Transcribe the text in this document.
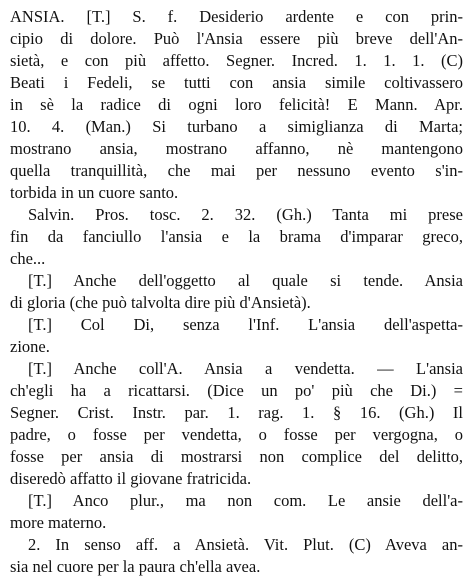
ANSIA. [T.] S. f. Desiderio ardente e con prin-
cipio di dolore. Può l'Ansia essere più breve dell'An-
sietà, e con più affetto. Segner. Incred. 1. 1. 1. (C)
Beati i Fedeli, se tutti con ansia simile coltivassero
in sè la radice di ogni loro felicità! E Mann. Apr.
10. 4. (Man.) Si turbano a simiglianza di Marta;
mostrano ansia, mostrano affanno, nè mantengono
quella tranquillità, che mai per nessuno evento s'in-
torbida in un cuore santo.
Salvin. Pros. tosc. 2. 32. (Gh.) Tanta mi prese
fin da fanciullo l'ansia e la brama d'imparar greco,
che...
[T.] Anche dell'oggetto al quale si tende. Ansia
di gloria (che può talvolta dire più d'Ansietà).
[T.] Col Di, senza l'Inf. L'ansia dell'aspetta-
zione.
[T.] Anche coll'A. Ansia a vendetta. — L'ansia
ch'egli ha a ricattarsi. (Dice un po' più che Di.) =
Segner. Crist. Instr. par. 1. rag. 1. § 16. (Gh.) Il
padre, o fosse per vendetta, o fosse per vergogna, o
fosse per ansia di mostrarsi non complice del delitto,
diseredò affatto il giovane fratricida.
[T.] Anco plur., ma non com. Le ansie dell'a-
more materno.
2. In senso aff. a Ansietà. Vit. Plut. (C) Aveva an-
sia nel cuore per la paura ch'ella avea.
